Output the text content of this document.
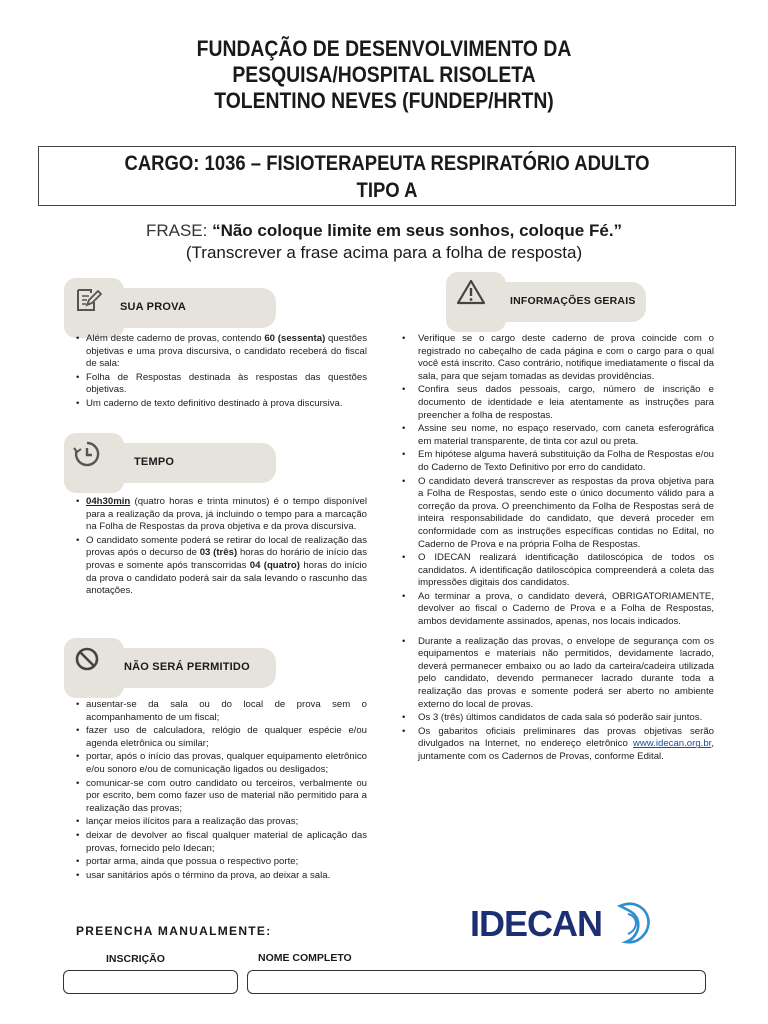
FUNDAÇÃO DE DESENVOLVIMENTO DA
PESQUISA/HOSPITAL RISOLETA
TOLENTINO NEVES (FUNDEP/HRTN)
CARGO: 1036 – FISIOTERAPEUTA RESPIRATÓRIO ADULTO
TIPO A
FRASE: “Não coloque limite em seus sonhos, coloque Fé.”
(Transcrever a frase acima para a folha de resposta)
SUA PROVA
• Além deste caderno de provas, contendo 60 (sessenta) questões objetivas e uma prova discursiva, o candidato receberá do fiscal de sala:
• Folha de Respostas destinada às respostas das questões objetivas.
• Um caderno de texto definitivo destinado à prova discursiva.
TEMPO
• 04h30min (quatro horas e trinta minutos) é o tempo disponível para a realização da prova, já incluindo o tempo para a marcação na Folha de Respostas da prova objetiva e da prova discursiva.
• O candidato somente poderá se retirar do local de realização das provas após o decurso de 03 (três) horas do horário de início das provas e somente após transcorridas 04 (quatro) horas do início da prova o candidato poderá sair da sala levando o rascunho das anotações.
NÃO SERÁ PERMITIDO
• ausentar-se da sala ou do local de prova sem o acompanhamento de um fiscal;
• fazer uso de calculadora, relógio de qualquer espécie e/ou agenda eletrônica ou similar;
• portar, após o início das provas, qualquer equipamento eletrônico e/ou sonoro e/ou de comunicação ligados ou desligados;
• comunicar-se com outro candidato ou terceiros, verbalmente ou por escrito, bem como fazer uso de material não permitido para a realização das provas;
• lançar meios ilícitos para a realização das provas;
• deixar de devolver ao fiscal qualquer material de aplicação das provas, fornecido pelo Idecan;
• portar arma, ainda que possua o respectivo porte;
• usar sanitários após o término da prova, ao deixar a sala.
INFORMAÇÕES GERAIS
• Verifique se o cargo deste caderno de prova coincide com o registrado no cabeçalho de cada página e com o cargo para o qual você está inscrito. Caso contrário, notifique imediatamente o fiscal da sala, para que sejam tomadas as devidas providências.
• Confira seus dados pessoais, cargo, número de inscrição e documento de identidade e leia atentamente as instruções para preencher a folha de respostas.
• Assine seu nome, no espaço reservado, com caneta esferográfica em material transparente, de tinta cor azul ou preta.
• Em hipótese alguma haverá substituição da Folha de Respostas e/ou do Caderno de Texto Definitivo por erro do candidato.
• O candidato deverá transcrever as respostas da prova objetiva para a Folha de Respostas, sendo este o único documento válido para a correção da prova. O preenchimento da Folha de Respostas será de inteira responsabilidade do candidato, que deverá proceder em conformidade com as instruções específicas contidas no Edital, no Caderno de Prova e na própria Folha de Respostas.
• O IDECAN realizará identificação datiloscópica de todos os candidatos. A identificação datiloscópica compreenderá a coleta das impressões digitais dos candidatos.
• Ao terminar a prova, o candidato deverá, OBRIGATORIAMENTE, devolver ao fiscal o Caderno de Prova e a Folha de Respostas, ambos devidamente assinados, apenas, nos locais indicados.
• Durante a realização das provas, o envelope de segurança com os equipamentos e materiais não permitidos, devidamente lacrado, deverá permanecer embaixo ou ao lado da carteira/cadeira utilizada pelo candidato, devendo permanecer lacrado durante toda a realização das provas e somente poderá ser aberto no ambiente externo do local de provas.
• Os 3 (três) últimos candidatos de cada sala só poderão sair juntos.
• Os gabaritos oficiais preliminares das provas objetivas serão divulgados na Internet, no endereço eletrônico www.idecan.org.br, juntamente com os Cadernos de Provas, conforme Edital.
PREENCHA MANUALMENTE:	IDECAN
INSCRIÇÃO	NOME COMPLETO
